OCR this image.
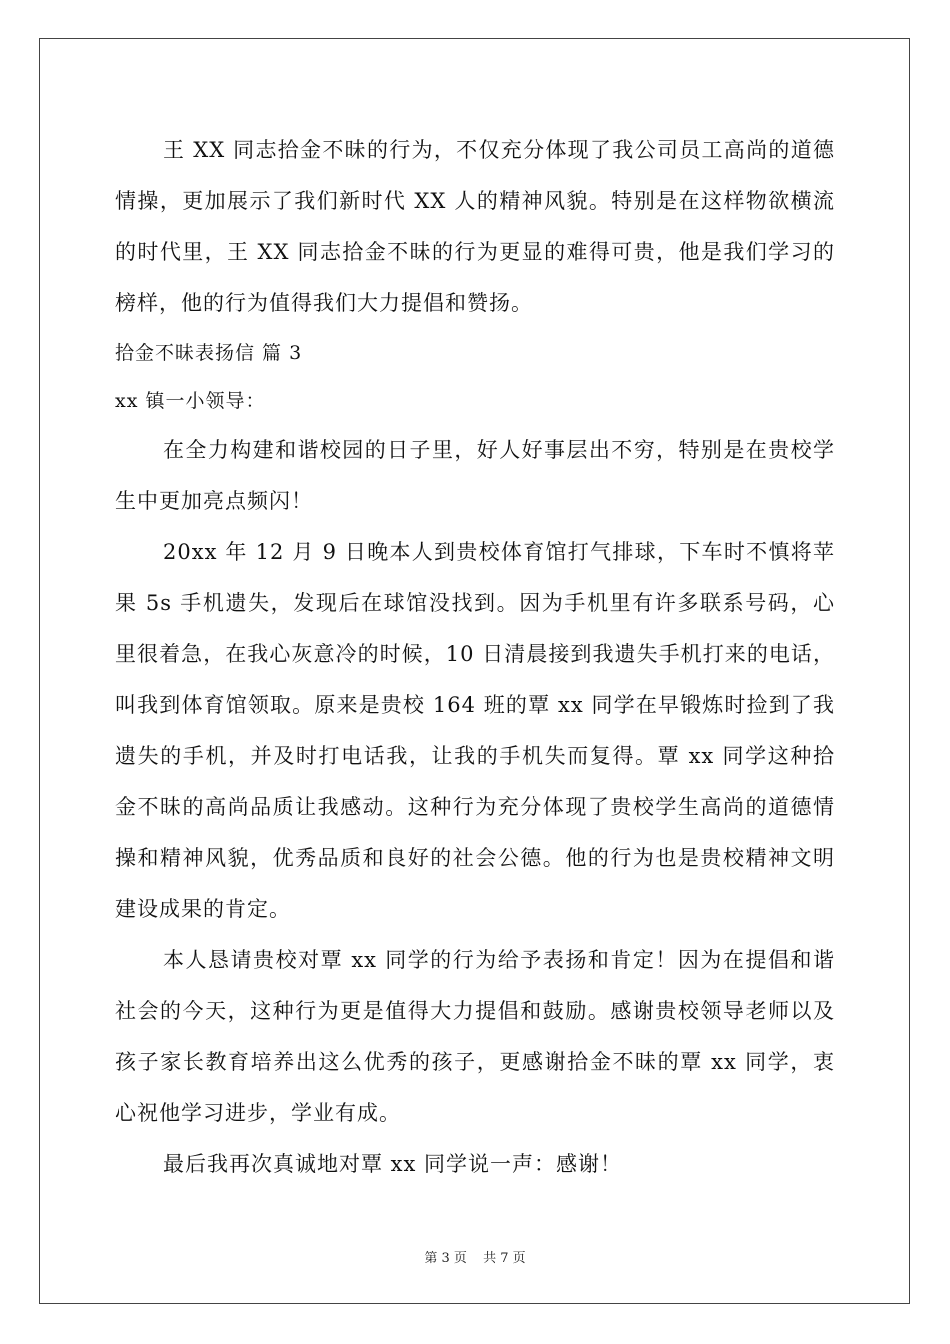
王 XX 同志拾金不昧的行为，不仅充分体现了我公司员工高尚的道德情操，更加展示了我们新时代 XX 人的精神风貌。特别是在这样物欲横流的时代里，王 XX 同志拾金不昧的行为更显的难得可贵，他是我们学习的榜样，他的行为值得我们大力提倡和赞扬。

拾金不昧表扬信 篇 3

xx 镇一小领导：

在全力构建和谐校园的日子里，好人好事层出不穷，特别是在贵校学生中更加亮点频闪！

20xx 年 12 月 9 日晚本人到贵校体育馆打气排球，下车时不慎将苹果 5s 手机遗失，发现后在球馆没找到。因为手机里有许多联系号码，心里很着急，在我心灰意冷的时候，10 日清晨接到我遗失手机打来的电话，叫我到体育馆领取。原来是贵校 164 班的覃 xx 同学在早锻炼时捡到了我遗失的手机，并及时打电话我，让我的手机失而复得。覃 xx 同学这种拾金不昧的高尚品质让我感动。这种行为充分体现了贵校学生高尚的道德情操和精神风貌，优秀品质和良好的社会公德。他的行为也是贵校精神文明建设成果的肯定。

本人恳请贵校对覃 xx 同学的行为给予表扬和肯定！因为在提倡和谐社会的今天，这种行为更是值得大力提倡和鼓励。感谢贵校领导老师以及孩子家长教育培养出这么优秀的孩子，更感谢拾金不昧的覃 xx 同学，衷心祝他学习进步，学业有成。

最后我再次真诚地对覃 xx 同学说一声：感谢！

第 3 页 共 7 页
